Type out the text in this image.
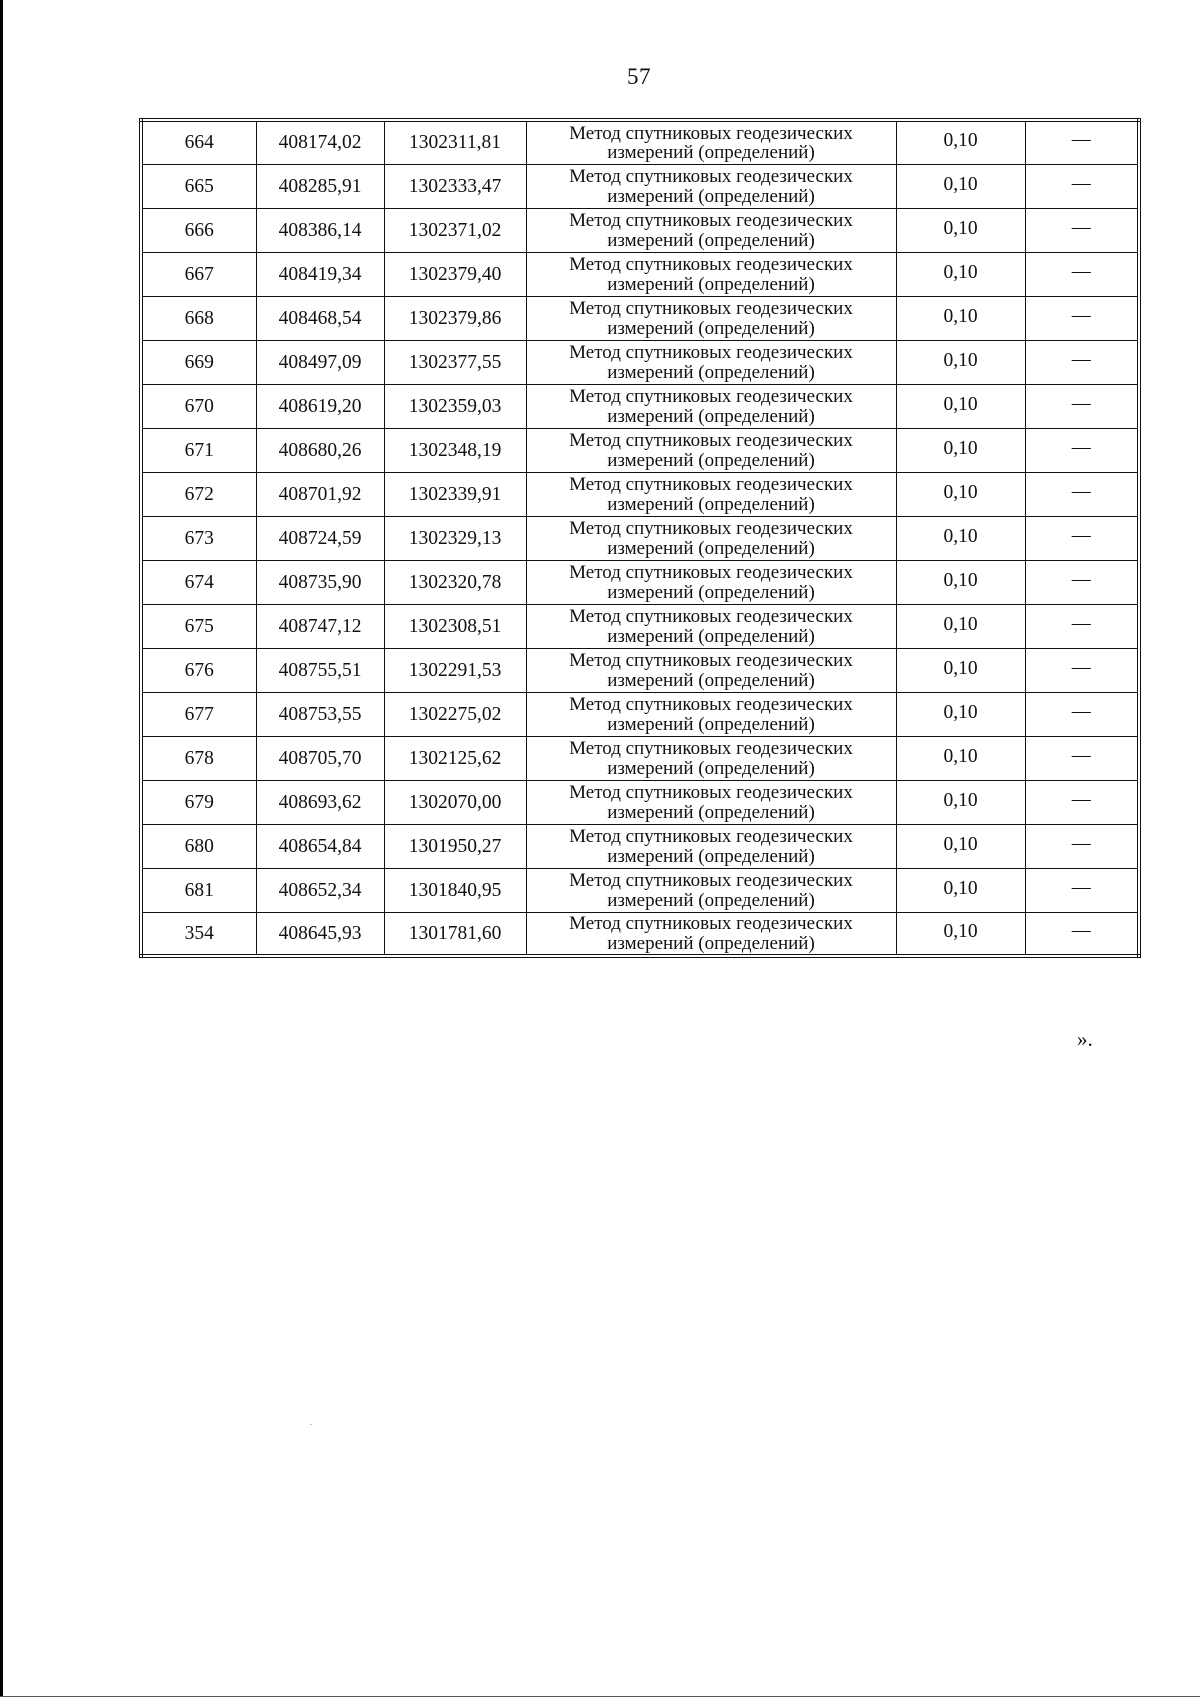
57
664	408174,02	1302311,81	Метод спутниковых геодезических
измерений (определений)	0,10	—
665	408285,91	1302333,47	Метод спутниковых геодезических
измерений (определений)	0,10	—
666	408386,14	1302371,02	Метод спутниковых геодезических
измерений (определений)	0,10	—
667	408419,34	1302379,40	Метод спутниковых геодезических
измерений (определений)	0,10	—
668	408468,54	1302379,86	Метод спутниковых геодезических
измерений (определений)	0,10	—
669	408497,09	1302377,55	Метод спутниковых геодезических
измерений (определений)	0,10	—
670	408619,20	1302359,03	Метод спутниковых геодезических
измерений (определений)	0,10	—
671	408680,26	1302348,19	Метод спутниковых геодезических
измерений (определений)	0,10	—
672	408701,92	1302339,91	Метод спутниковых геодезических
измерений (определений)	0,10	—
673	408724,59	1302329,13	Метод спутниковых геодезических
измерений (определений)	0,10	—
674	408735,90	1302320,78	Метод спутниковых геодезических
измерений (определений)	0,10	—
675	408747,12	1302308,51	Метод спутниковых геодезических
измерений (определений)	0,10	—
676	408755,51	1302291,53	Метод спутниковых геодезических
измерений (определений)	0,10	—
677	408753,55	1302275,02	Метод спутниковых геодезических
измерений (определений)	0,10	—
678	408705,70	1302125,62	Метод спутниковых геодезических
измерений (определений)	0,10	—
679	408693,62	1302070,00	Метод спутниковых геодезических
измерений (определений)	0,10	—
680	408654,84	1301950,27	Метод спутниковых геодезических
измерений (определений)	0,10	—
681	408652,34	1301840,95	Метод спутниковых геодезических
измерений (определений)	0,10	—
354	408645,93	1301781,60	Метод спутниковых геодезических
измерений (определений)	0,10	—
».
